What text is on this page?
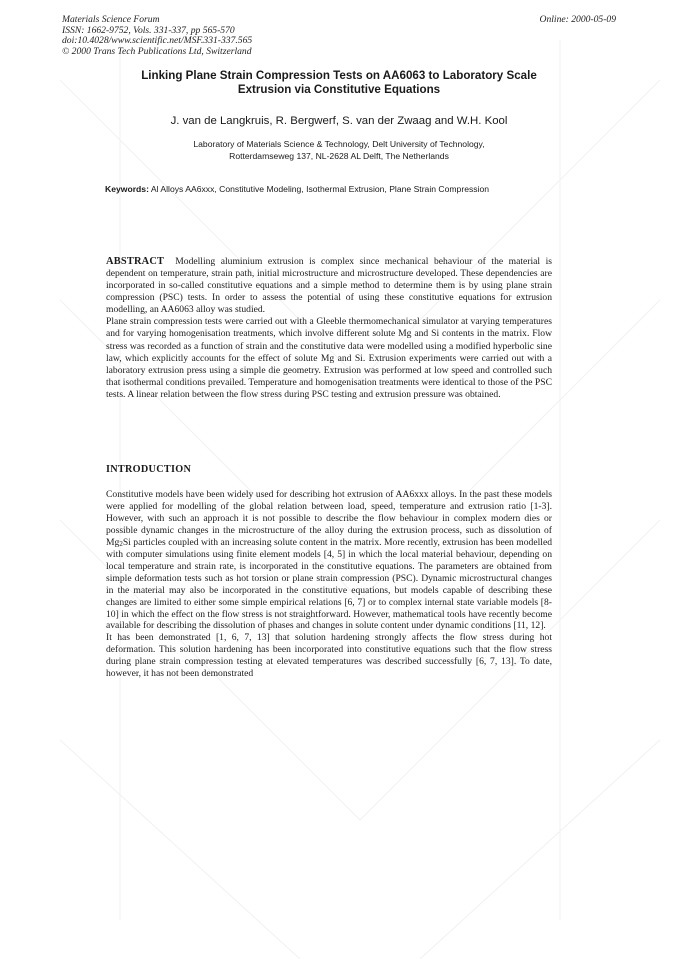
Materials Science Forum
ISSN: 1662-9752, Vols. 331-337, pp 565-570
doi:10.4028/www.scientific.net/MSF.331-337.565
© 2000 Trans Tech Publications Ltd, Switzerland
Online: 2000-05-09
Linking Plane Strain Compression Tests on AA6063 to Laboratory Scale
Extrusion via Constitutive Equations
J. van de Langkruis, R. Bergwerf, S. van der Zwaag and W.H. Kool
Laboratory of Materials Science & Technology, Delt University of Technology,
Rotterdamseweg 137, NL-2628 AL Delft, The Netherlands
Keywords: Al Alloys AA6xxx, Constitutive Modeling, Isothermal Extrusion, Plane Strain Compression

ABSTRACT Modelling aluminium extrusion is complex since mechanical behaviour of the material is dependent on temperature, strain path, initial microstructure and microstructure developed. These dependencies are incorporated in so-called constitutive equations and a simple method to determine them is by using plane strain compression (PSC) tests. In order to assess the potential of using these constitutive equations for extrusion modelling, an AA6063 alloy was studied.

Plane strain compression tests were carried out with a Gleeble thermomechanical simulator at varying temperatures and for varying homogenisation treatments, which involve different solute Mg and Si contents in the matrix. Flow stress was recorded as a function of strain and the constitutive data were modelled using a modified hyperbolic sine law, which explicitly accounts for the effect of solute Mg and Si. Extrusion experiments were carried out with a laboratory extrusion press using a simple die geometry. Extrusion was performed at low speed and controlled such that isothermal conditions prevailed. Temperature and homogenisation treatments were identical to those of the PSC tests. A linear relation between the flow stress during PSC testing and extrusion pressure was obtained.

INTRODUCTION

Constitutive models have been widely used for describing hot extrusion of AA6xxx alloys. In the past these models were applied for modelling of the global relation between load, speed, temperature and extrusion ratio [1-3]. However, with such an approach it is not possible to describe the flow behaviour in complex modern dies or possible dynamic changes in the microstructure of the alloy during the extrusion process, such as dissolution of $Mg_2Si$ particles coupled with an increasing solute content in the matrix. More recently, extrusion has been modelled with computer simulations using finite element models [4, 5] in which the local material behaviour, depending on local temperature and strain rate, is incorporated in the constitutive equations. The parameters are obtained from simple deformation tests such as hot torsion or plane strain compression (PSC). Dynamic microstructural changes in the material may also be incorporated in the constitutive equations, but models capable of describing these changes are limited to either some simple empirical relations [6, 7] or to complex internal state variable models [8-10] in which the effect on the flow stress is not straightforward. However, mathematical tools have recently become available for describing the dissolution of phases and changes in solute content under dynamic conditions [11, 12].

It has been demonstrated [1, 6, 7, 13] that solution hardening strongly affects the flow stress during hot deformation. This solution hardening has been incorporated into constitutive equations such that the flow stress during plane strain compression testing at elevated temperatures was described successfully [6, 7, 13]. To date, however, it has not been demonstrated
